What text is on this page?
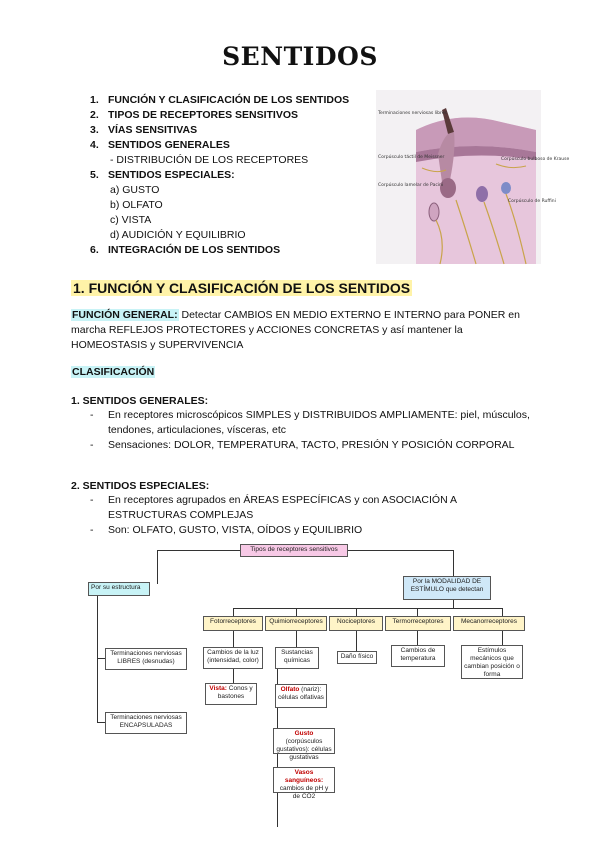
SENTIDOS
1. FUNCIÓN Y CLASIFICACIÓN DE LOS SENTIDOS
2. TIPOS DE RECEPTORES SENSITIVOS
3. VÍAS SENSITIVAS
4. SENTIDOS GENERALES
- DISTRIBUCIÓN DE LOS RECEPTORES
5. SENTIDOS ESPECIALES:
a) GUSTO
b) OLFATO
c) VISTA
d) AUDICIÓN Y EQUILIBRIO
6. INTEGRACIÓN DE LOS SENTIDOS
Terminaciones nerviosas libres
Corpúsculo táctil de Meissner
Corpúsculo lamelar de Pacini
Corpúsculo bulboso de Krause
Corpúsculo de Ruffini
1. FUNCIÓN Y CLASIFICACIÓN DE LOS SENTIDOS
FUNCIÓN GENERAL: Detectar CAMBIOS EN MEDIO EXTERNO E INTERNO para PONER en marcha REFLEJOS PROTECTORES y ACCIONES CONCRETAS y así mantener la HOMEOSTASIS y SUPERVIVENCIA
CLASIFICACIÓN
1. SENTIDOS GENERALES:
- En receptores microscópicos SIMPLES y DISTRIBUIDOS AMPLIAMENTE: piel, músculos, tendones, articulaciones, vísceras, etc
- Sensaciones: DOLOR, TEMPERATURA, TACTO, PRESIÓN Y POSICIÓN CORPORAL
2. SENTIDOS ESPECIALES:
- En receptores agrupados en ÁREAS ESPECÍFICAS y con ASOCIACIÓN A ESTRUCTURAS COMPLEJAS
- Son: OLFATO, GUSTO, VISTA, OÍDOS y EQUILIBRIO
Tipos de receptores sensitivos
Por su estructura
Por la MODALIDAD DE ESTÍMULO que detectan
Terminaciones nerviosas LIBRES (desnudas)
Terminaciones nerviosas ENCAPSULADAS
Fotorreceptores	Quimiorreceptores	Nociceptores	Termorreceptores	Mecanorreceptores
Cambios de la luz (intensidad, color)
Vista: Conos y bastones
Sustancias químicas
Olfato (nariz): células olfativas
Gusto (corpúsculos gustativos): células gustativas
Vasos sanguíneos: cambios de pH y de CO2
Daño físico
Cambios de temperatura
Estímulos mecánicos que cambian posición o forma
